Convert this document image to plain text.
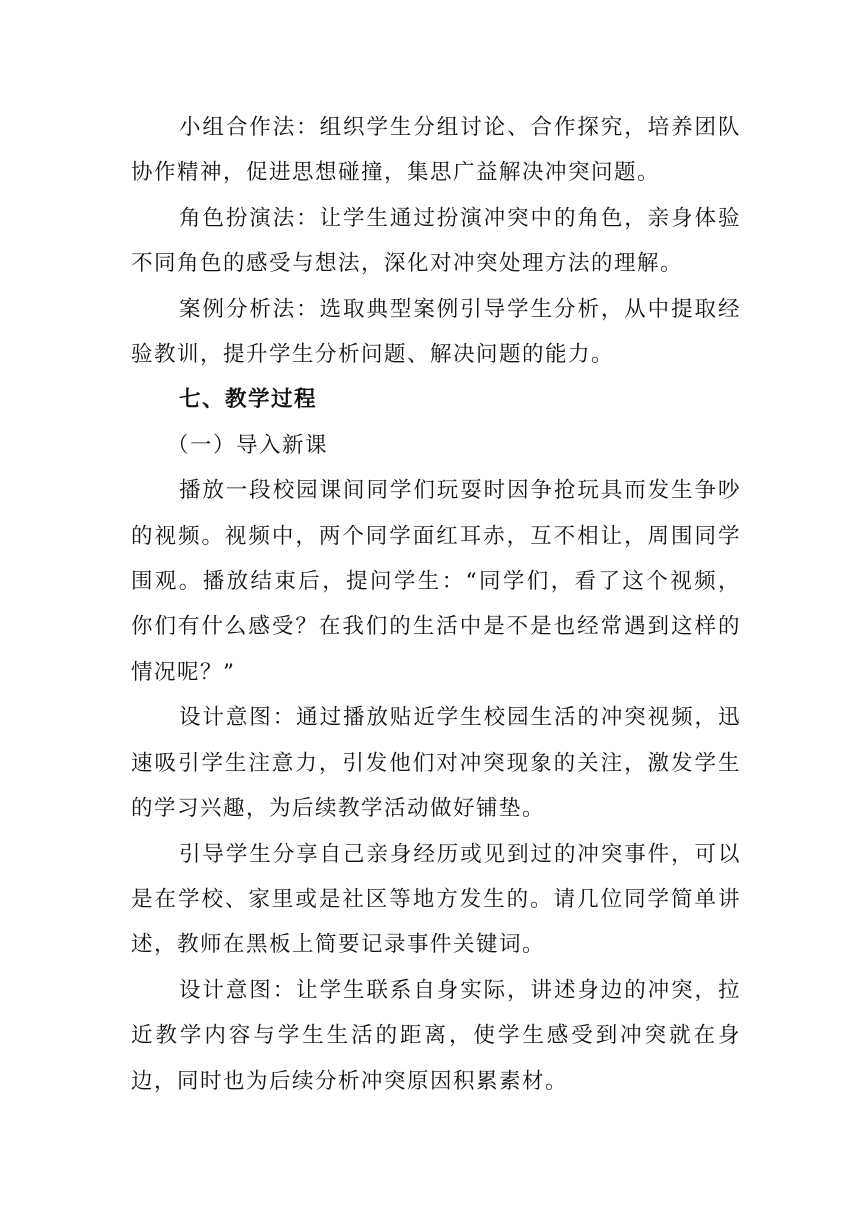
小组合作法：组织学生分组讨论、合作探究，培养团队协作精神，促进思想碰撞，集思广益解决冲突问题。

角色扮演法：让学生通过扮演冲突中的角色，亲身体验不同角色的感受与想法，深化对冲突处理方法的理解。

案例分析法：选取典型案例引导学生分析，从中提取经验教训，提升学生分析问题、解决问题的能力。

七、教学过程

（一）导入新课

播放一段校园课间同学们玩耍时因争抢玩具而发生争吵的视频。视频中，两个同学面红耳赤，互不相让，周围同学围观。播放结束后，提问学生：“同学们，看了这个视频，你们有什么感受？在我们的生活中是不是也经常遇到这样的情况呢？”

设计意图：通过播放贴近学生校园生活的冲突视频，迅速吸引学生注意力，引发他们对冲突现象的关注，激发学生的学习兴趣，为后续教学活动做好铺垫。

引导学生分享自己亲身经历或见到过的冲突事件，可以是在学校、家里或是社区等地方发生的。请几位同学简单讲述，教师在黑板上简要记录事件关键词。

设计意图：让学生联系自身实际，讲述身边的冲突，拉近教学内容与学生生活的距离，使学生感受到冲突就在身边，同时也为后续分析冲突原因积累素材。
